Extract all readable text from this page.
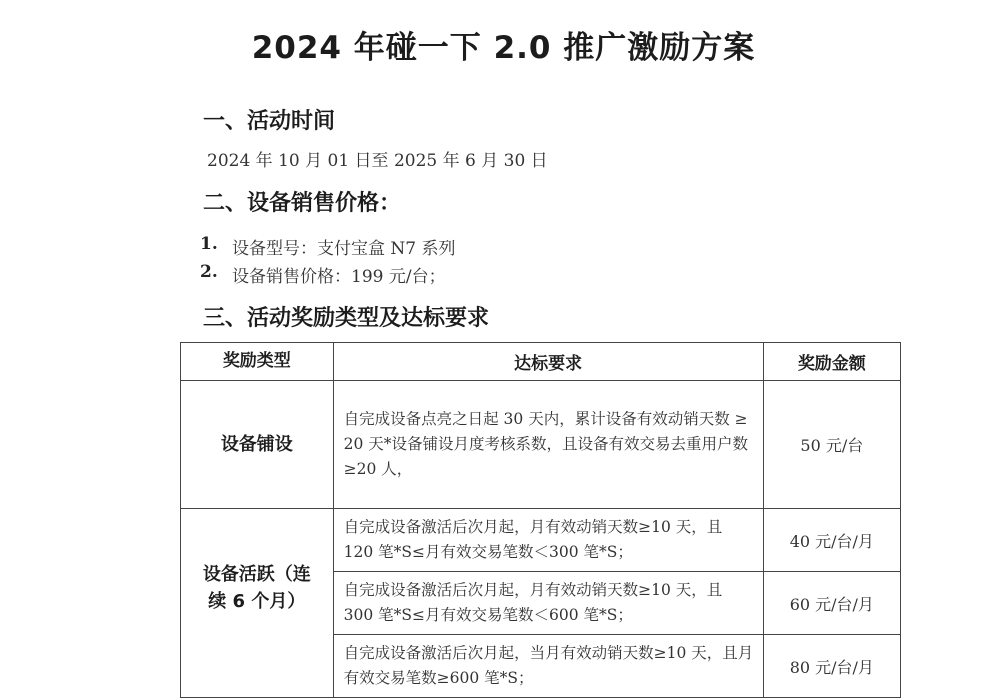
2024 年碰一下 2.0 推广激励方案
一、活动时间
2024 年 10 月 01 日至 2025 年 6 月 30 日
二、设备销售价格：
1. 设备型号：支付宝盒 N7 系列
2. 设备销售价格：199 元/台；
三、活动奖励类型及达标要求
奖励类型	达标要求	奖励金额
设备铺设	自完成设备点亮之日起 30 天内，累计设备有效动销天数 ≥ 20 天*设备铺设月度考核系数，且设备有效交易去重用户数≥20 人，	50 元/台
设备活跃（连续 6 个月）	自完成设备激活后次月起，月有效动销天数≥10 天，且 120 笔*S≤月有效交易笔数＜300 笔*S；	40 元/台/月
	自完成设备激活后次月起，月有效动销天数≥10 天，且 300 笔*S≤月有效交易笔数＜600 笔*S；	60 元/台/月
	自完成设备激活后次月起，当月有效动销天数≥10 天，且月有效交易笔数≥600 笔*S；	80 元/台/月
